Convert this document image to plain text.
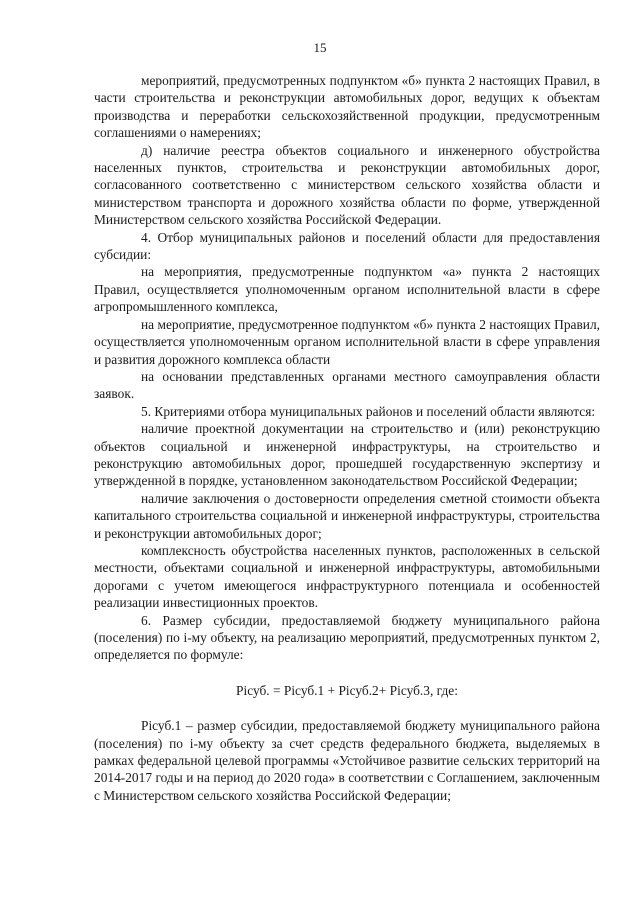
15

мероприятий, предусмотренных подпунктом «б» пункта 2 настоящих Правил, в части строительства и реконструкции автомобильных дорог, ведущих к объектам производства и переработки сельскохозяйственной продукции, предусмотренным соглашениями о намерениях;

д) наличие реестра объектов социального и инженерного обустройства населенных пунктов, строительства и реконструкции автомобильных дорог, согласованного соответственно с министерством сельского хозяйства области и министерством транспорта и дорожного хозяйства области по форме, утвержденной Министерством сельского хозяйства Российской Федерации.

4. Отбор муниципальных районов и поселений области для предоставления субсидии:

на мероприятия, предусмотренные подпунктом «а» пункта 2 настоящих Правил, осуществляется уполномоченным органом исполнительной власти в сфере агропромышленного комплекса,

на мероприятие, предусмотренное подпунктом «б» пункта 2 настоящих Правил, осуществляется уполномоченным органом исполнительной власти в сфере управления и развития дорожного комплекса области

на основании представленных органами местного самоуправления области заявок.

5. Критериями отбора муниципальных районов и поселений области являются:

наличие проектной документации на строительство и (или) реконструкцию объектов социальной и инженерной инфраструктуры, на строительство и реконструкцию автомобильных дорог, прошедшей государственную экспертизу и утвержденной в порядке, установленном законодательством Российской Федерации;

наличие заключения о достоверности определения сметной стоимости объекта капитального строительства социальной и инженерной инфраструктуры, строительства и реконструкции автомобильных дорог;

комплексность обустройства населенных пунктов, расположенных в сельской местности, объектами социальной и инженерной инфраструктуры, автомобильными дорогами с учетом имеющегося инфраструктурного потенциала и особенностей реализации инвестиционных проектов.

6. Размер субсидии, предоставляемой бюджету муниципального района (поселения) по i-му объекту, на реализацию мероприятий, предусмотренных пунктом 2, определяется по формуле:

Piсуб. = Piсуб.1 + Piсуб.2+ Piсуб.3, где:

Piсуб.1 – размер субсидии, предоставляемой бюджету муниципального района (поселения) по i-му объекту за счет средств федерального бюджета, выделяемых в рамках федеральной целевой программы «Устойчивое развитие сельских территорий на 2014-2017 годы и на период до 2020 года» в соответствии с Соглашением, заключенным с Министерством сельского хозяйства Российской Федерации;
